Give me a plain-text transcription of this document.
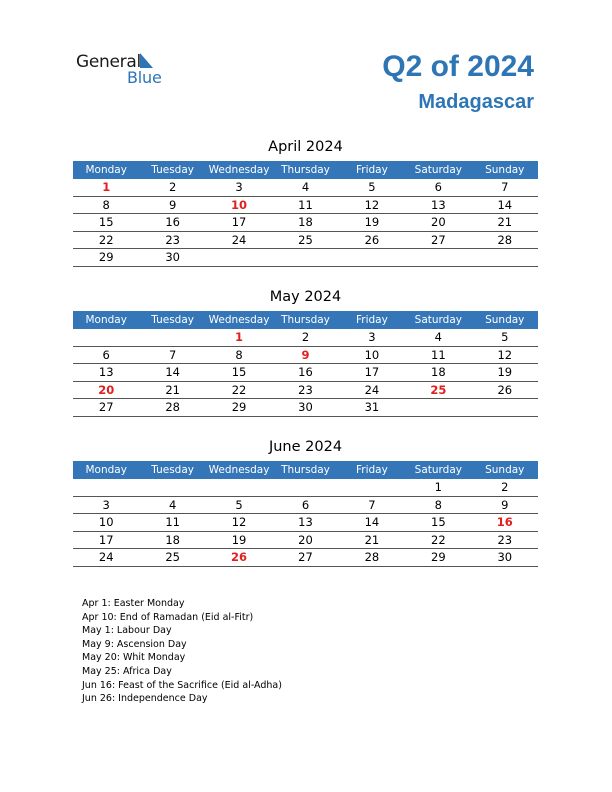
General
Blue	Q2 of 2024
Madagascar
April 2024
Monday	Tuesday	Wednesday	Thursday	Friday	Saturday	Sunday
1	2	3	4	5	6	7
8	9	10	11	12	13	14
15	16	17	18	19	20	21
22	23	24	25	26	27	28
29	30					
May 2024
Monday	Tuesday	Wednesday	Thursday	Friday	Saturday	Sunday
		1	2	3	4	5
6	7	8	9	10	11	12
13	14	15	16	17	18	19
20	21	22	23	24	25	26
27	28	29	30	31		
June 2024
Monday	Tuesday	Wednesday	Thursday	Friday	Saturday	Sunday
					1	2
3	4	5	6	7	8	9
10	11	12	13	14	15	16
17	18	19	20	21	22	23
24	25	26	27	28	29	30
Apr 1: Easter Monday
Apr 10: End of Ramadan (Eid al-Fitr)
May 1: Labour Day
May 9: Ascension Day
May 20: Whit Monday
May 25: Africa Day
Jun 16: Feast of the Sacrifice (Eid al-Adha)
Jun 26: Independence Day
